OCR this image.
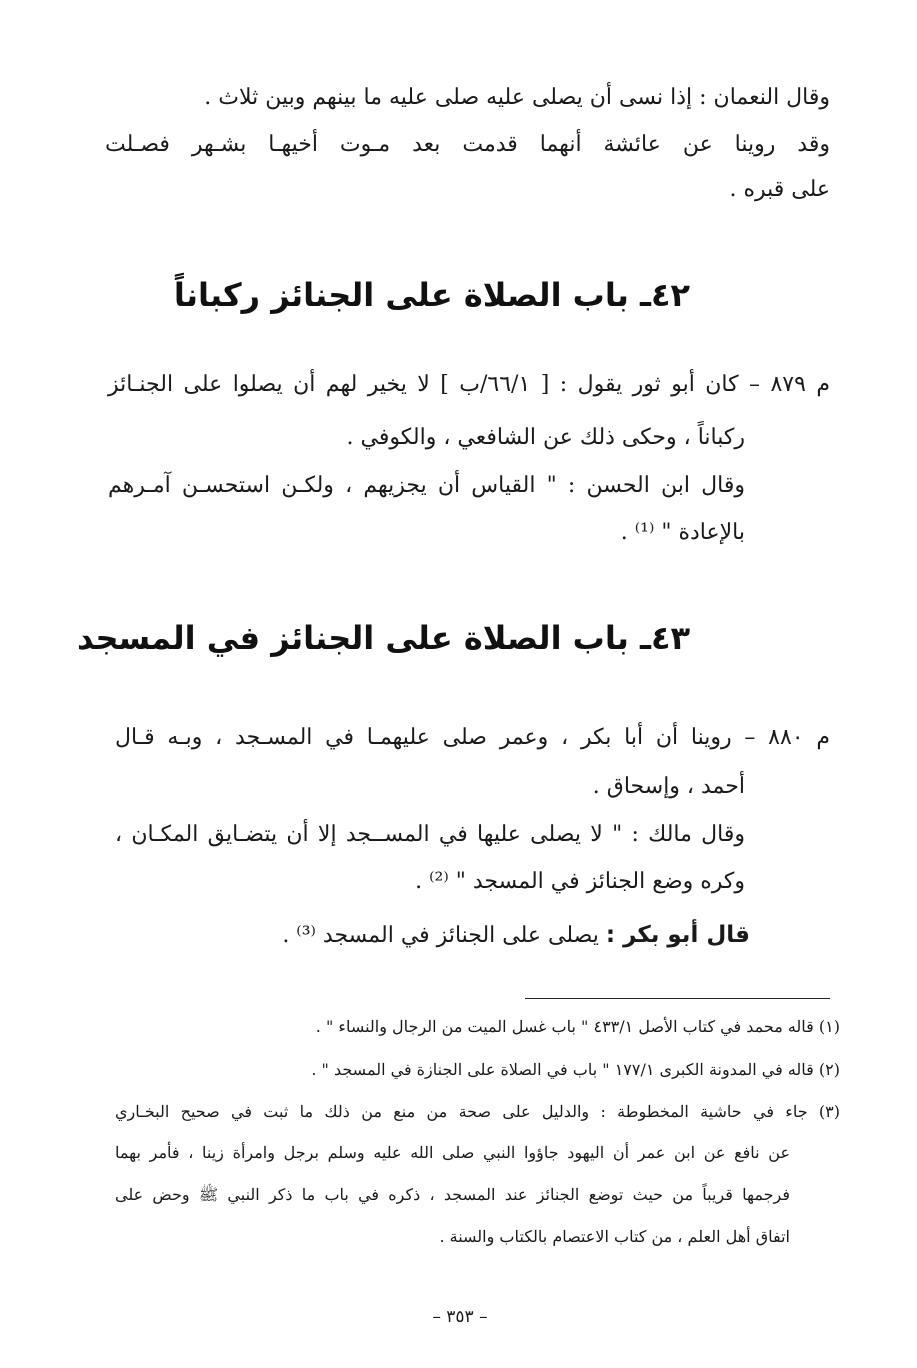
وقال النعمان : إذا نسى أن يصلى عليه صلى عليه ما بينهم وبين ثلاث .
وقد روينا عن عائشة أنهما قدمت بعد مـوت أخيهـا بشـهر فصـلت
على قبره .
٤٢ـ باب الصلاة على الجنائز ركباناً
م ٨٧٩ – كان أبو ثور يقول : [ ٦٦/١/ب ] لا يخير لهم أن يصلوا على الجنـائز
ركباناً ، وحكى ذلك عن الشافعي ، والكوفي .
وقال ابن الحسن : " القياس أن يجزيهم ، ولكـن استحسـن آمـرهم
بالإعادة " ⁽¹⁾ .
٤٣ـ باب الصلاة على الجنائز في المسجد
م ٨٨٠ – روينا أن أبا بكر ، وعمر صلى عليهمـا في المسـجد ، وبـه قـال
أحمد ، وإسحاق .
وقال مالك : " لا يصلى عليها في المســجد إلا أن يتضـايق المكـان ،
وكره وضع الجنائز في المسجد " ⁽²⁾ .
قال أبو بكر : يصلى على الجنائز في المسجد ⁽³⁾ .
(١) قاله محمد في كتاب الأصل ٤٣٣/١ " باب غسل الميت من الرجال والنساء " .
(٢) قاله في المدونة الكبرى ١٧٧/١ " باب في الصلاة على الجنازة في المسجد " .
(٣) جاء في حاشية المخطوطة : والدليل على صحة من منع من ذلك ما ثبت في صحيح البخـاري
عن نافع عن ابن عمر أن اليهود جاؤوا النبي صلى الله عليه وسلم برجل وامرأة زينا ، فأمر بهما
فرجمها قريباً من حيث توضع الجنائز عند المسجد ، ذكره في باب ما ذكر النبي ﷺ وحض على
اتفاق أهل العلم ، من كتاب الاعتصام بالكتاب والسنة .
– ٣٥٣ –
